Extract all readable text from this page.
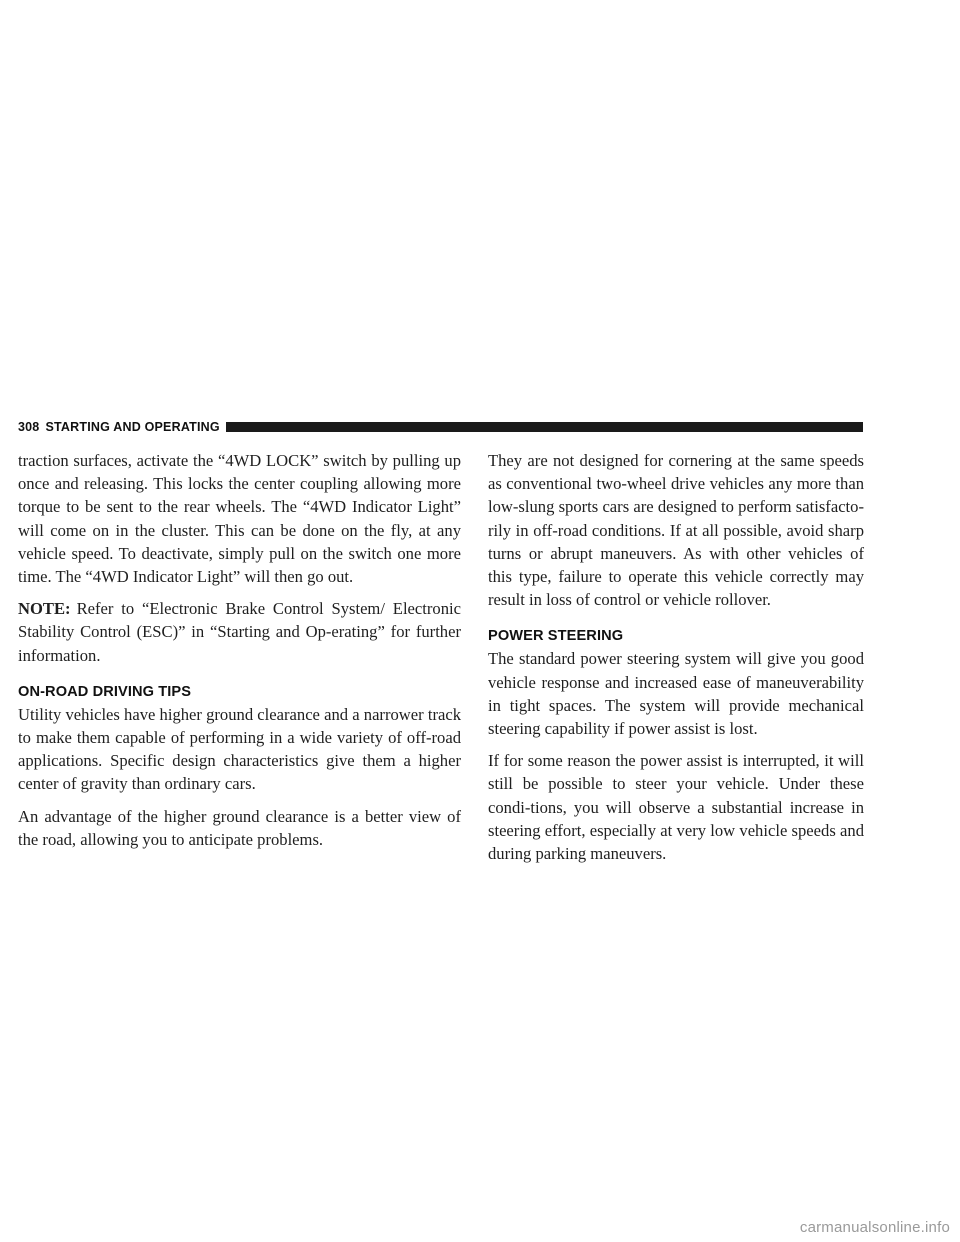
308 STARTING AND OPERATING

traction surfaces, activate the “4WD LOCK” switch by pulling up once and releasing. This locks the center coupling allowing more torque to be sent to the rear wheels. The “4WD Indicator Light” will come on in the cluster. This can be done on the fly, at any vehicle speed. To deactivate, simply pull on the switch one more time. The “4WD Indicator Light” will then go out.

NOTE: Refer to “Electronic Brake Control System/ Electronic Stability Control (ESC)” in “Starting and Op-erating” for further information.

ON-ROAD DRIVING TIPS

Utility vehicles have higher ground clearance and a narrower track to make them capable of performing in a wide variety of off-road applications. Specific design characteristics give them a higher center of gravity than ordinary cars.

An advantage of the higher ground clearance is a better view of the road, allowing you to anticipate problems.

They are not designed for cornering at the same speeds as conventional two-wheel drive vehicles any more than low-slung sports cars are designed to perform satisfacto-rily in off-road conditions. If at all possible, avoid sharp turns or abrupt maneuvers. As with other vehicles of this type, failure to operate this vehicle correctly may result in loss of control or vehicle rollover.

POWER STEERING

The standard power steering system will give you good vehicle response and increased ease of maneuverability in tight spaces. The system will provide mechanical steering capability if power assist is lost.

If for some reason the power assist is interrupted, it will still be possible to steer your vehicle. Under these condi-tions, you will observe a substantial increase in steering effort, especially at very low vehicle speeds and during parking maneuvers.

carmanualsonline.info
